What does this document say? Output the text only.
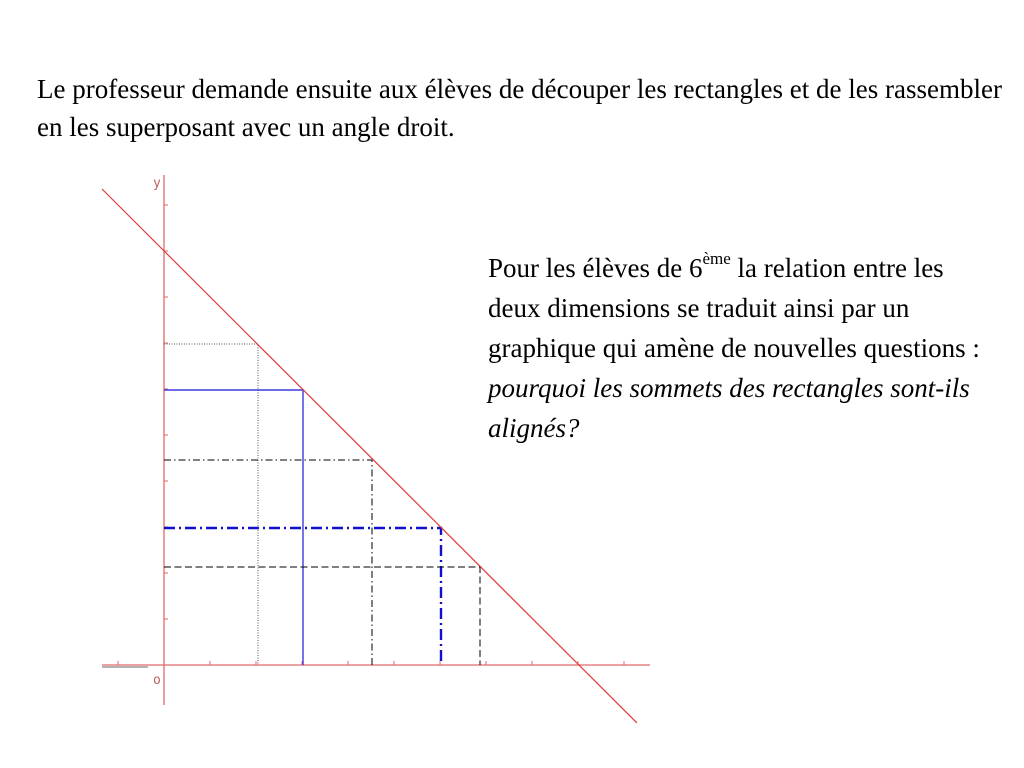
Le professeur demande ensuite aux élèves de découper les rectangles et de les rassembler en les superposant avec un angle droit.

Pour les élèves de 6ème la relation entre les deux dimensions se traduit ainsi par un graphique qui amène de nouvelles questions : pourquoi les sommets des rectangles sont-ils alignés?

y
o
